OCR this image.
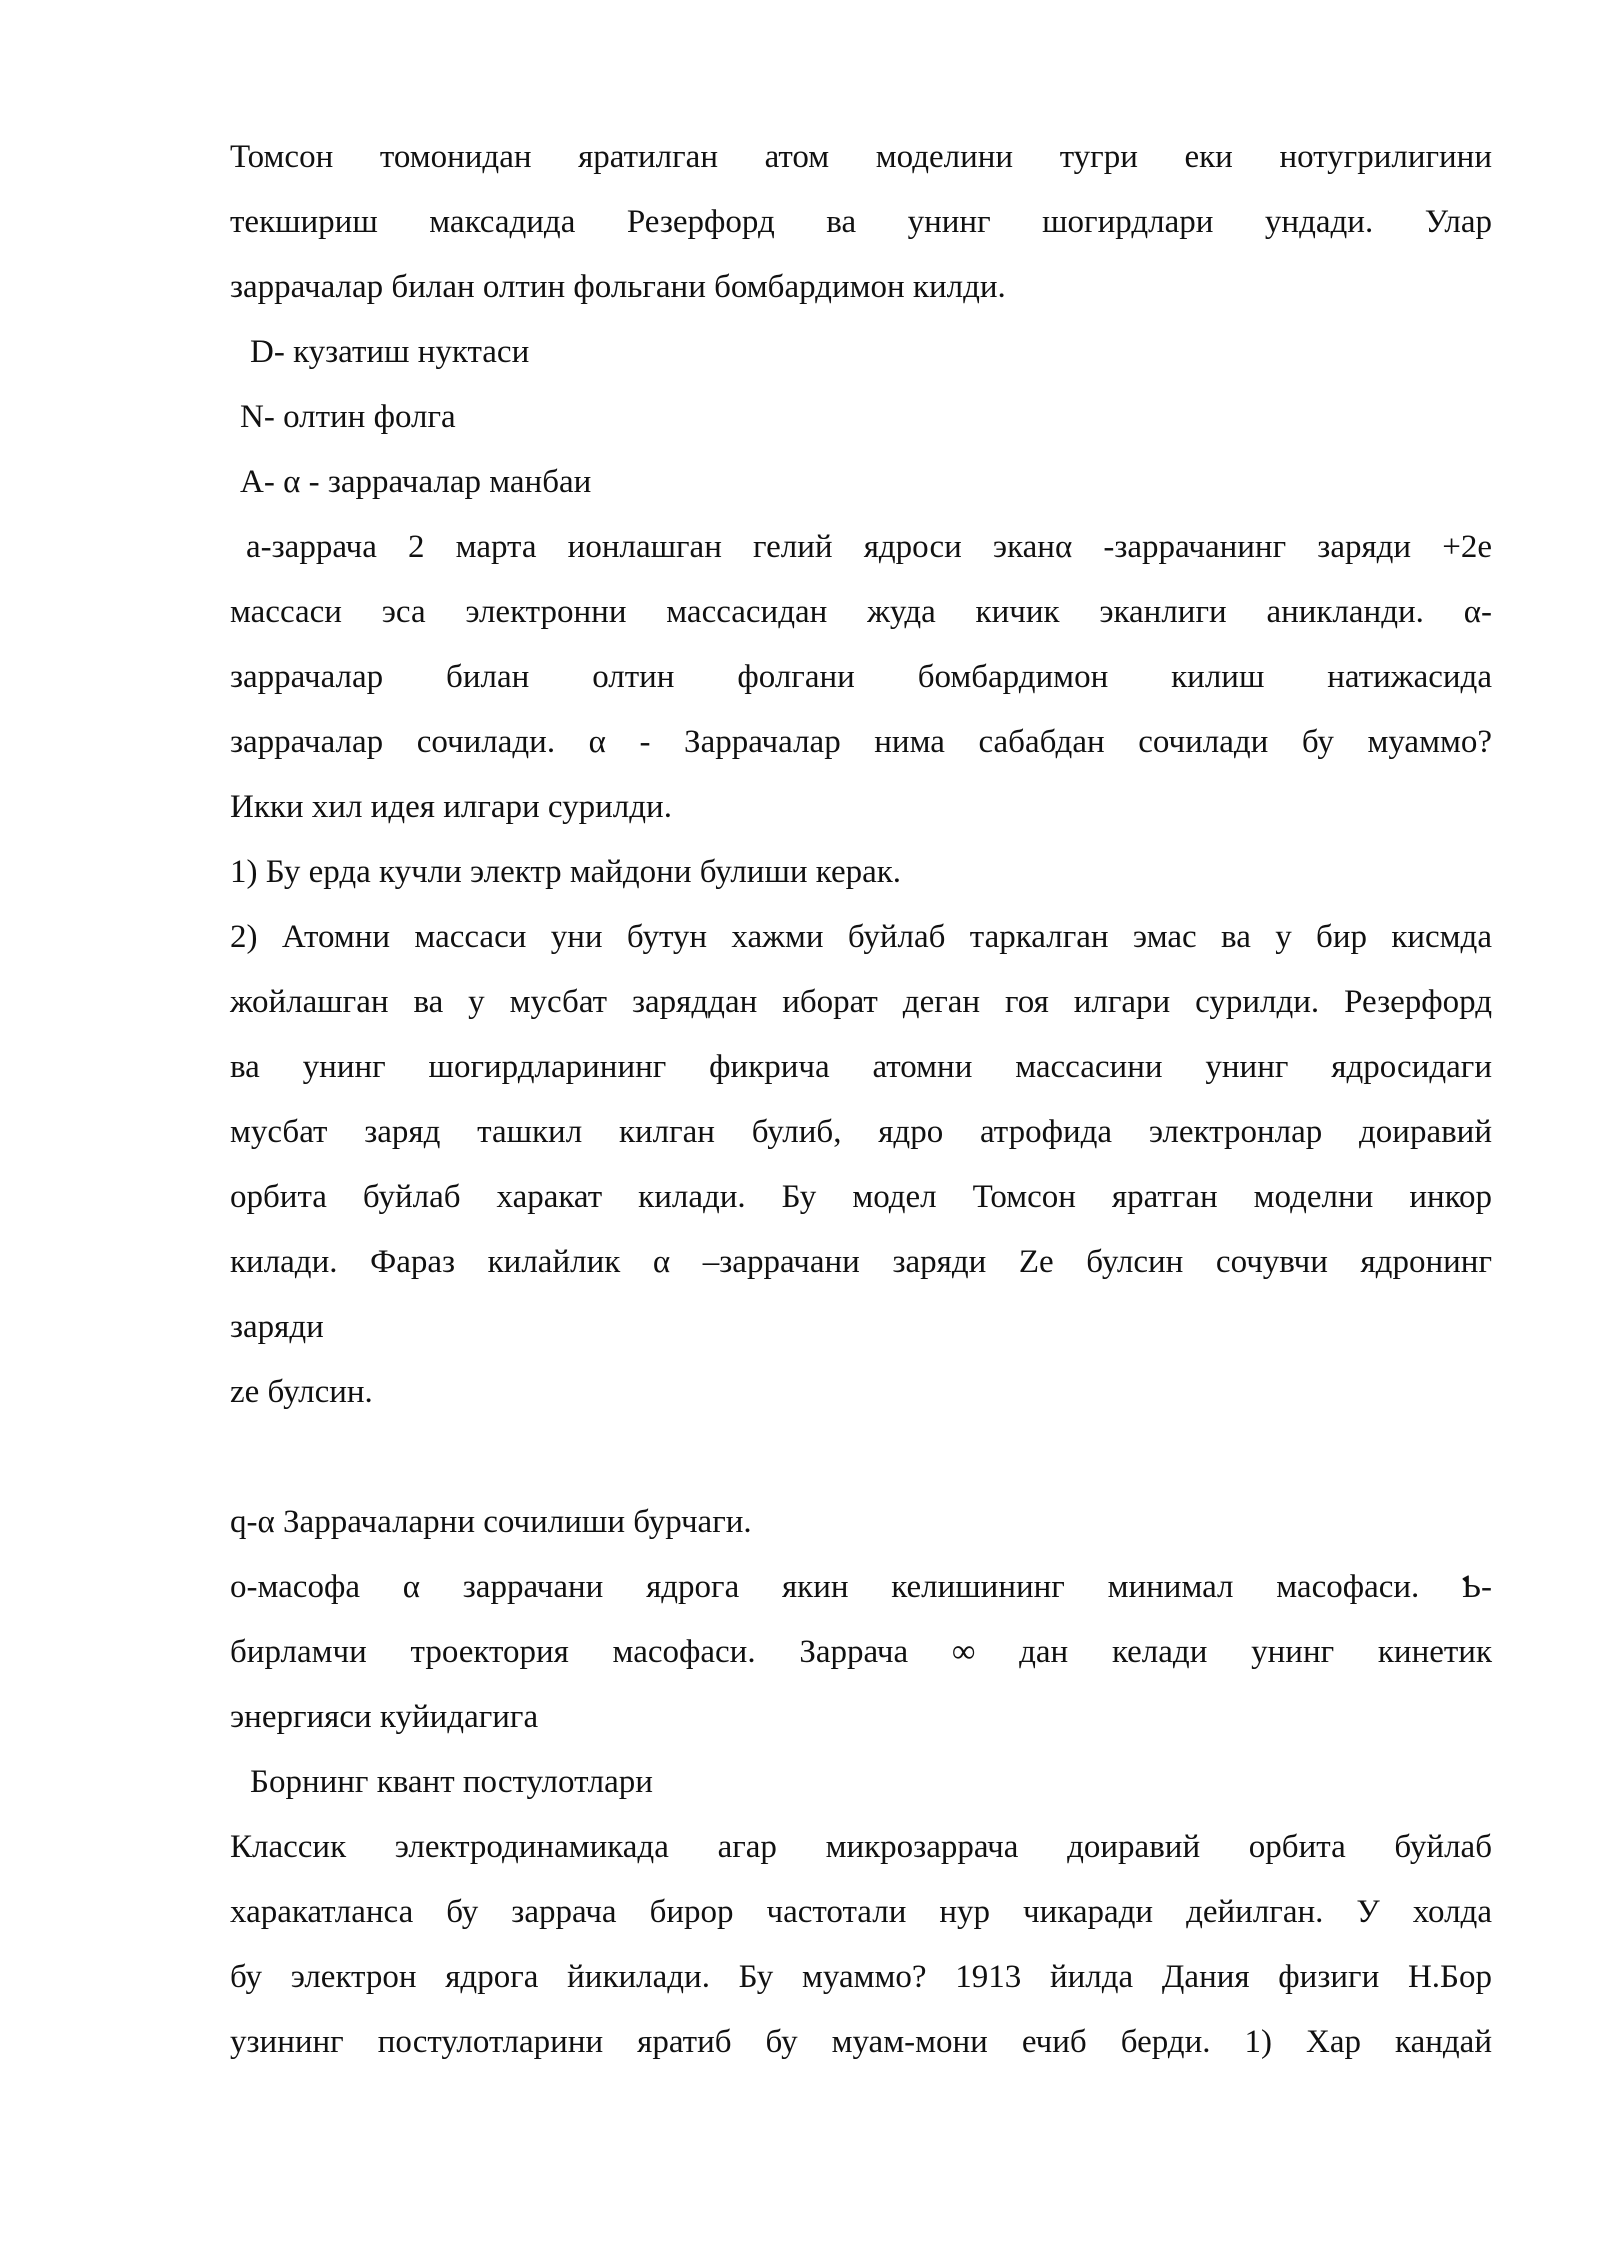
Томсон томонидан яратилган атом моделини тугри еки нотугрилигини
текшириш максадида Резерфорд ва унинг шогирдлари ундади. Улар
заррачалар билан олтин фольгани бомбардимон килди.
D- кузатиш нуктаси
N- олтин фолга
А- α - заррачалар манбаи
а-заррача 2 марта ионлашган гелий ядроси эканα -заррачанинг заряди +2е
массаси эса электронни массасидан жуда кичик эканлиги аникланди. α-
заррачалар билан олтин фолгани бомбардимон килиш натижасида
заррачалар сочилади. α - Заррачалар нима сабабдан сочилади бу муаммо?
Икки хил идея илгари сурилди.
1) Бу ерда кучли электр майдони булиши керак.
2) Атомни массаси уни бутун хажми буйлаб таркалган эмас ва у бир кисмда
жойлашган ва у мусбат заряддан иборат деган гоя илгари сурилди. Резерфорд
ва унинг шогирдларининг фикрича атомни массасини унинг ядросидаги
мусбат заряд ташкил килган булиб, ядро атрофида электронлар доиравий
орбита буйлаб харакат килади. Бу модел Томсон яратган моделни инкор
килади. Фараз килайлик α –заррачани заряди Ze булсин сочувчи ядронинг
заряди
ze булсин.
q-α Заррачаларни сочилиши бурчаги.
о-масофа α заррачани ядрога якин келишининг минимал масофаси. Ƅ-
бирламчи троектория масофаси. Заррача ∞ дан келади унинг кинетик
энергияси куйидагига
Борнинг квант постулотлари
Классик электродинамикада агар микрозаррача доиравий орбита буйлаб
харакатланса бу заррача бирор частотали нур чикаради дейилган. У холда
бу электрон ядрога йикилади. Бу муаммо? 1913 йилда Дания физиги Н.Бор
узининг постулотларини яратиб бу муам-мони ечиб берди. 1) Хар кандай
